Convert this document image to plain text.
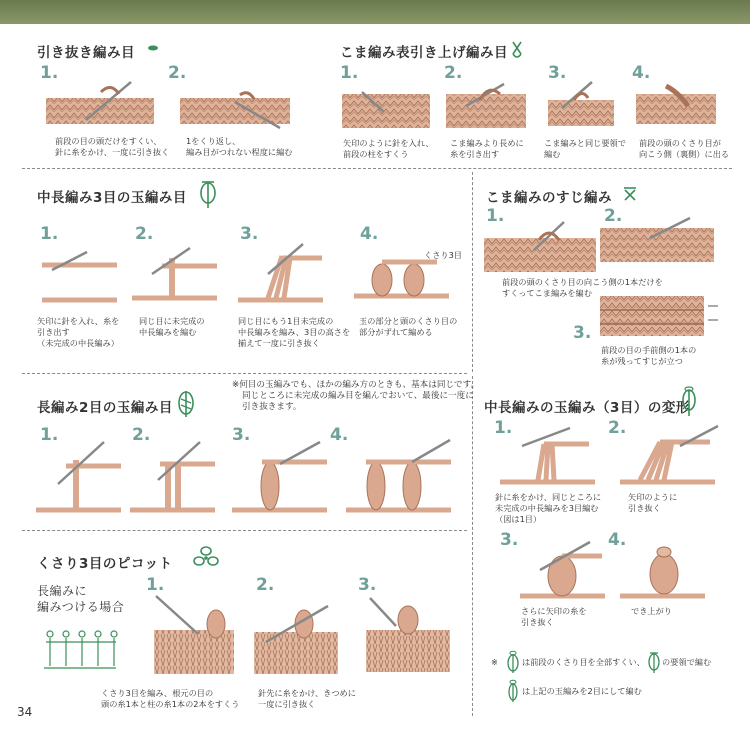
引き抜き編み目
1.	2.
前段の目の頭だけをすくい、
針に糸をかけ、一度に引き抜く
1をくり返し、
編み目がつれない程度に編む
こま編み表引き上げ編み目
1.	2.	3.	4.
矢印のように針を入れ、
前段の柱をすくう
こま編みより長めに
糸を引き出す
こま編みと同じ要領で
編む
前段の頭のくさり目が
向こう側（裏側）に出る
中長編み3目の玉編み目
1.	2.	3.	4.
くさり3目
矢印に針を入れ、糸を
引き出す
（未完成の中長編み）
同じ目に未完成の
中長編みを編む
同じ目にもう1目未完成の
中長編みを編み、3目の高さを
揃えて一度に引き抜く
玉の部分と頭のくさり目の
部分がずれて編める
こま編みのすじ編み
1.	2.
前段の頭のくさり目の向こう側の1本だけを
すくってこま編みを編む
3.
前段の目の手前側の1本の
糸が残ってすじが立つ
長編み2目の玉編み目
※何目の玉編みでも、ほかの編み方のときも、基本は同じです。
同じところに未完成の編み目を編んでおいて、最後に一度に
引き抜きます。
1.	2.	3.	4.
くさり3目のピコット
長編みに
編みつける場合
1.	2.	3.
くさり3目を編み、根元の目の
頭の糸1本と柱の糸1本の2本をすくう
針先に糸をかけ、きつめに
一度に引き抜く
中長編みの玉編み（3目）の変形
1.	2.
針に糸をかけ、同じところに
未完成の中長編みを3目編む
（図は1目）
矢印のように
引き抜く
3.	4.
さらに矢印の糸を
引き抜く
でき上がり
※	は前段のくさり目を全部すくい、 の要領で編む
は上記の玉編みを2目にして編む
34
